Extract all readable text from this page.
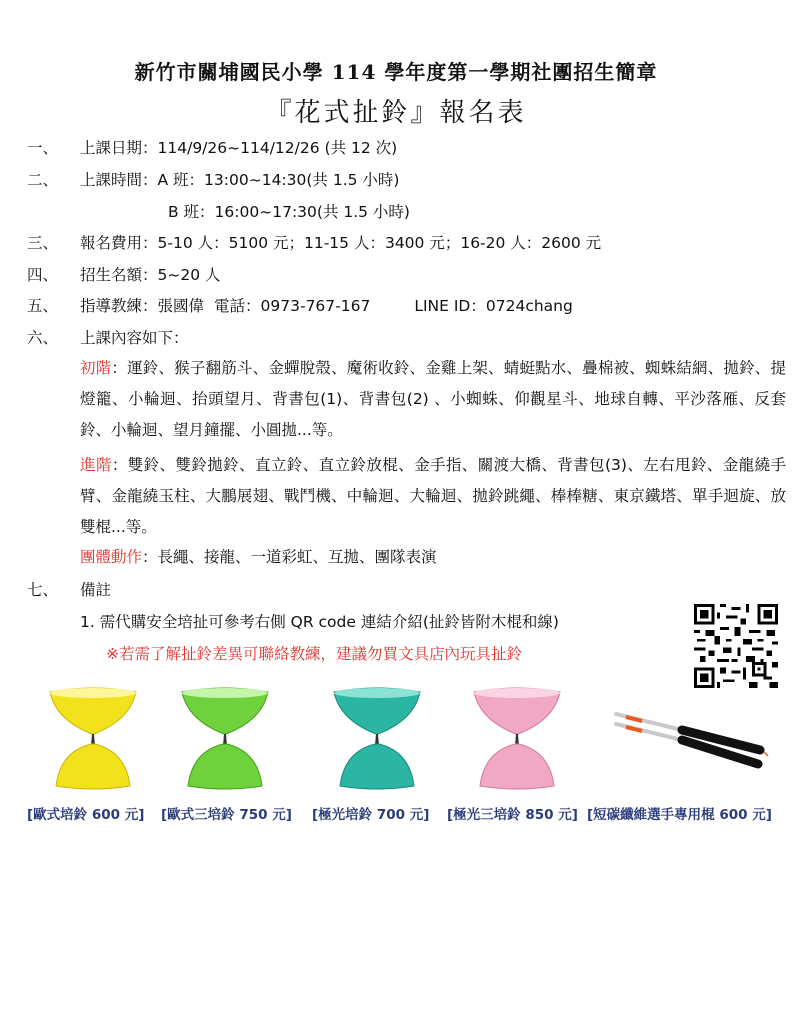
新竹市關埔國民小學 114 學年度第一學期社團招生簡章
『花式扯鈴』報名表
一、 上課日期：114/9/26~114/12/26 (共 12 次)
二、 上課時間：A 班：13:00~14:30(共 1.5 小時)
B 班：16:00~17:30(共 1.5 小時)
三、 報名費用：5-10 人：5100 元；11-15 人：3400 元；16-20 人：2600 元
四、 招生名額：5~20 人
五、 指導教練：張國偉 電話：0973-767-167	LINE ID：0724chang
六、 上課內容如下：
初階：運鈴、猴子翻筋斗、金蟬脫殼、魔術收鈴、金雞上架、蜻蜓點水、疊棉被、蜘蛛結網、拋鈴、提燈籠、小輪迴、抬頭望月、背書包(1)、背書包(2) 、小蜘蛛、仰觀星斗、地球自轉、平沙落雁、反套鈴、小輪迴、望月鐘擺、小圓拋...等。
進階：雙鈴、雙鈴拋鈴、直立鈴、直立鈴放棍、金手指、關渡大橋、背書包(3)、左右甩鈴、金龍繞手臂、金龍繞玉柱、大鵬展翅、戰鬥機、中輪迴、大輪迴、拋鈴跳繩、棒棒糖、東京鐵塔、單手迴旋、放雙棍...等。
團體動作：長繩、接龍、一道彩虹、互拋、團隊表演
七、 備註
1. 需代購安全培扯可參考右側 QR code 連結介紹(扯鈴皆附木棍和線)
※若需了解扯鈴差異可聯絡教練，建議勿買文具店內玩具扯鈴
[歐式培鈴 600 元] [歐式三培鈴 750 元] [極光培鈴 700 元] [極光三培鈴 850 元] [短碳纖維選手專用棍 600 元]
